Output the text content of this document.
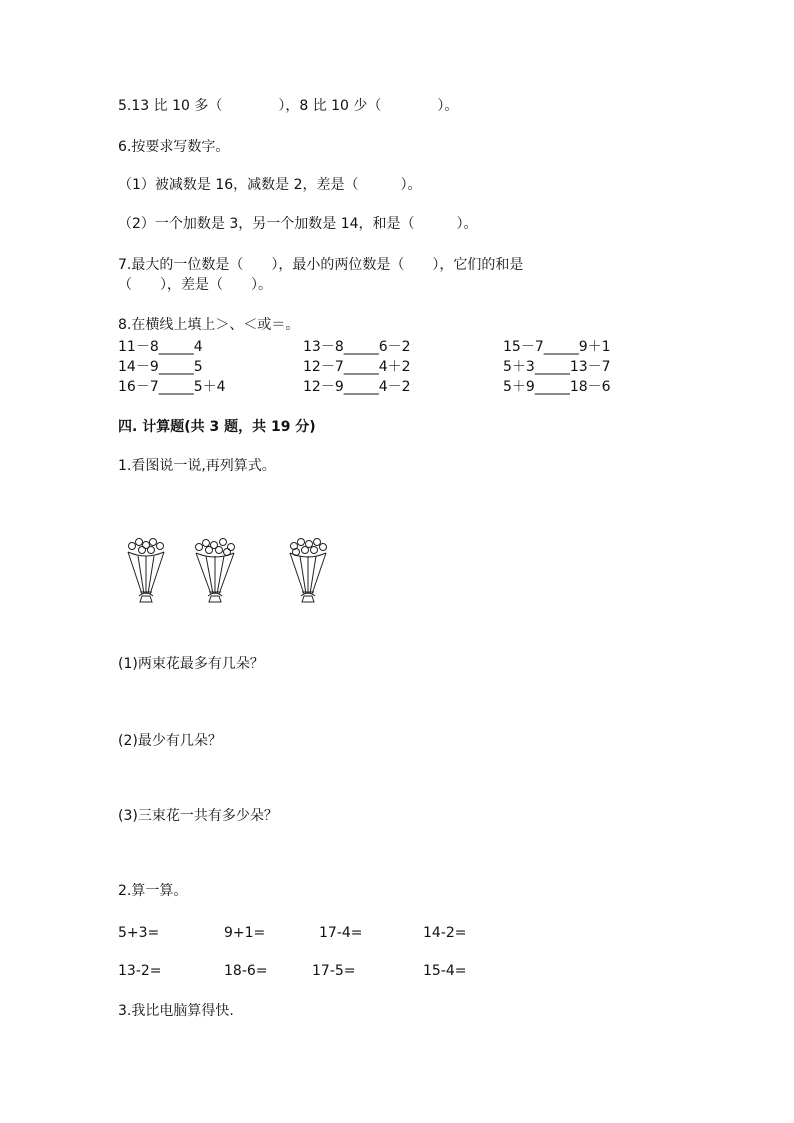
5.13 比 10 多（　　　　），8 比 10 少（　　　　）。
6.按要求写数字。
（1）被减数是 16，减数是 2，差是（　　　）。
（2）一个加数是 3，另一个加数是 14，和是（　　　）。
7.最大的一位数是（　　），最小的两位数是（　　），它们的和是
（　　），差是（　　）。
8.在横线上填上＞、＜或＝。
11－8_____4	13－8_____6－2	15－7_____9＋1
14－9_____5	12－7_____4＋2	5＋3_____13－7
16－7_____5＋4	12－9_____4－2	5＋9_____18－6
四. 计算题(共 3 题，共 19 分)
1.看图说一说,再列算式。
(1)两束花最多有几朵？
(2)最少有几朵？
(3)三束花一共有多少朵？
2.算一算。
5+3=	9+1=	17-4=	14-2=
13-2=	18-6=	17-5=	15-4=
3.我比电脑算得快.
